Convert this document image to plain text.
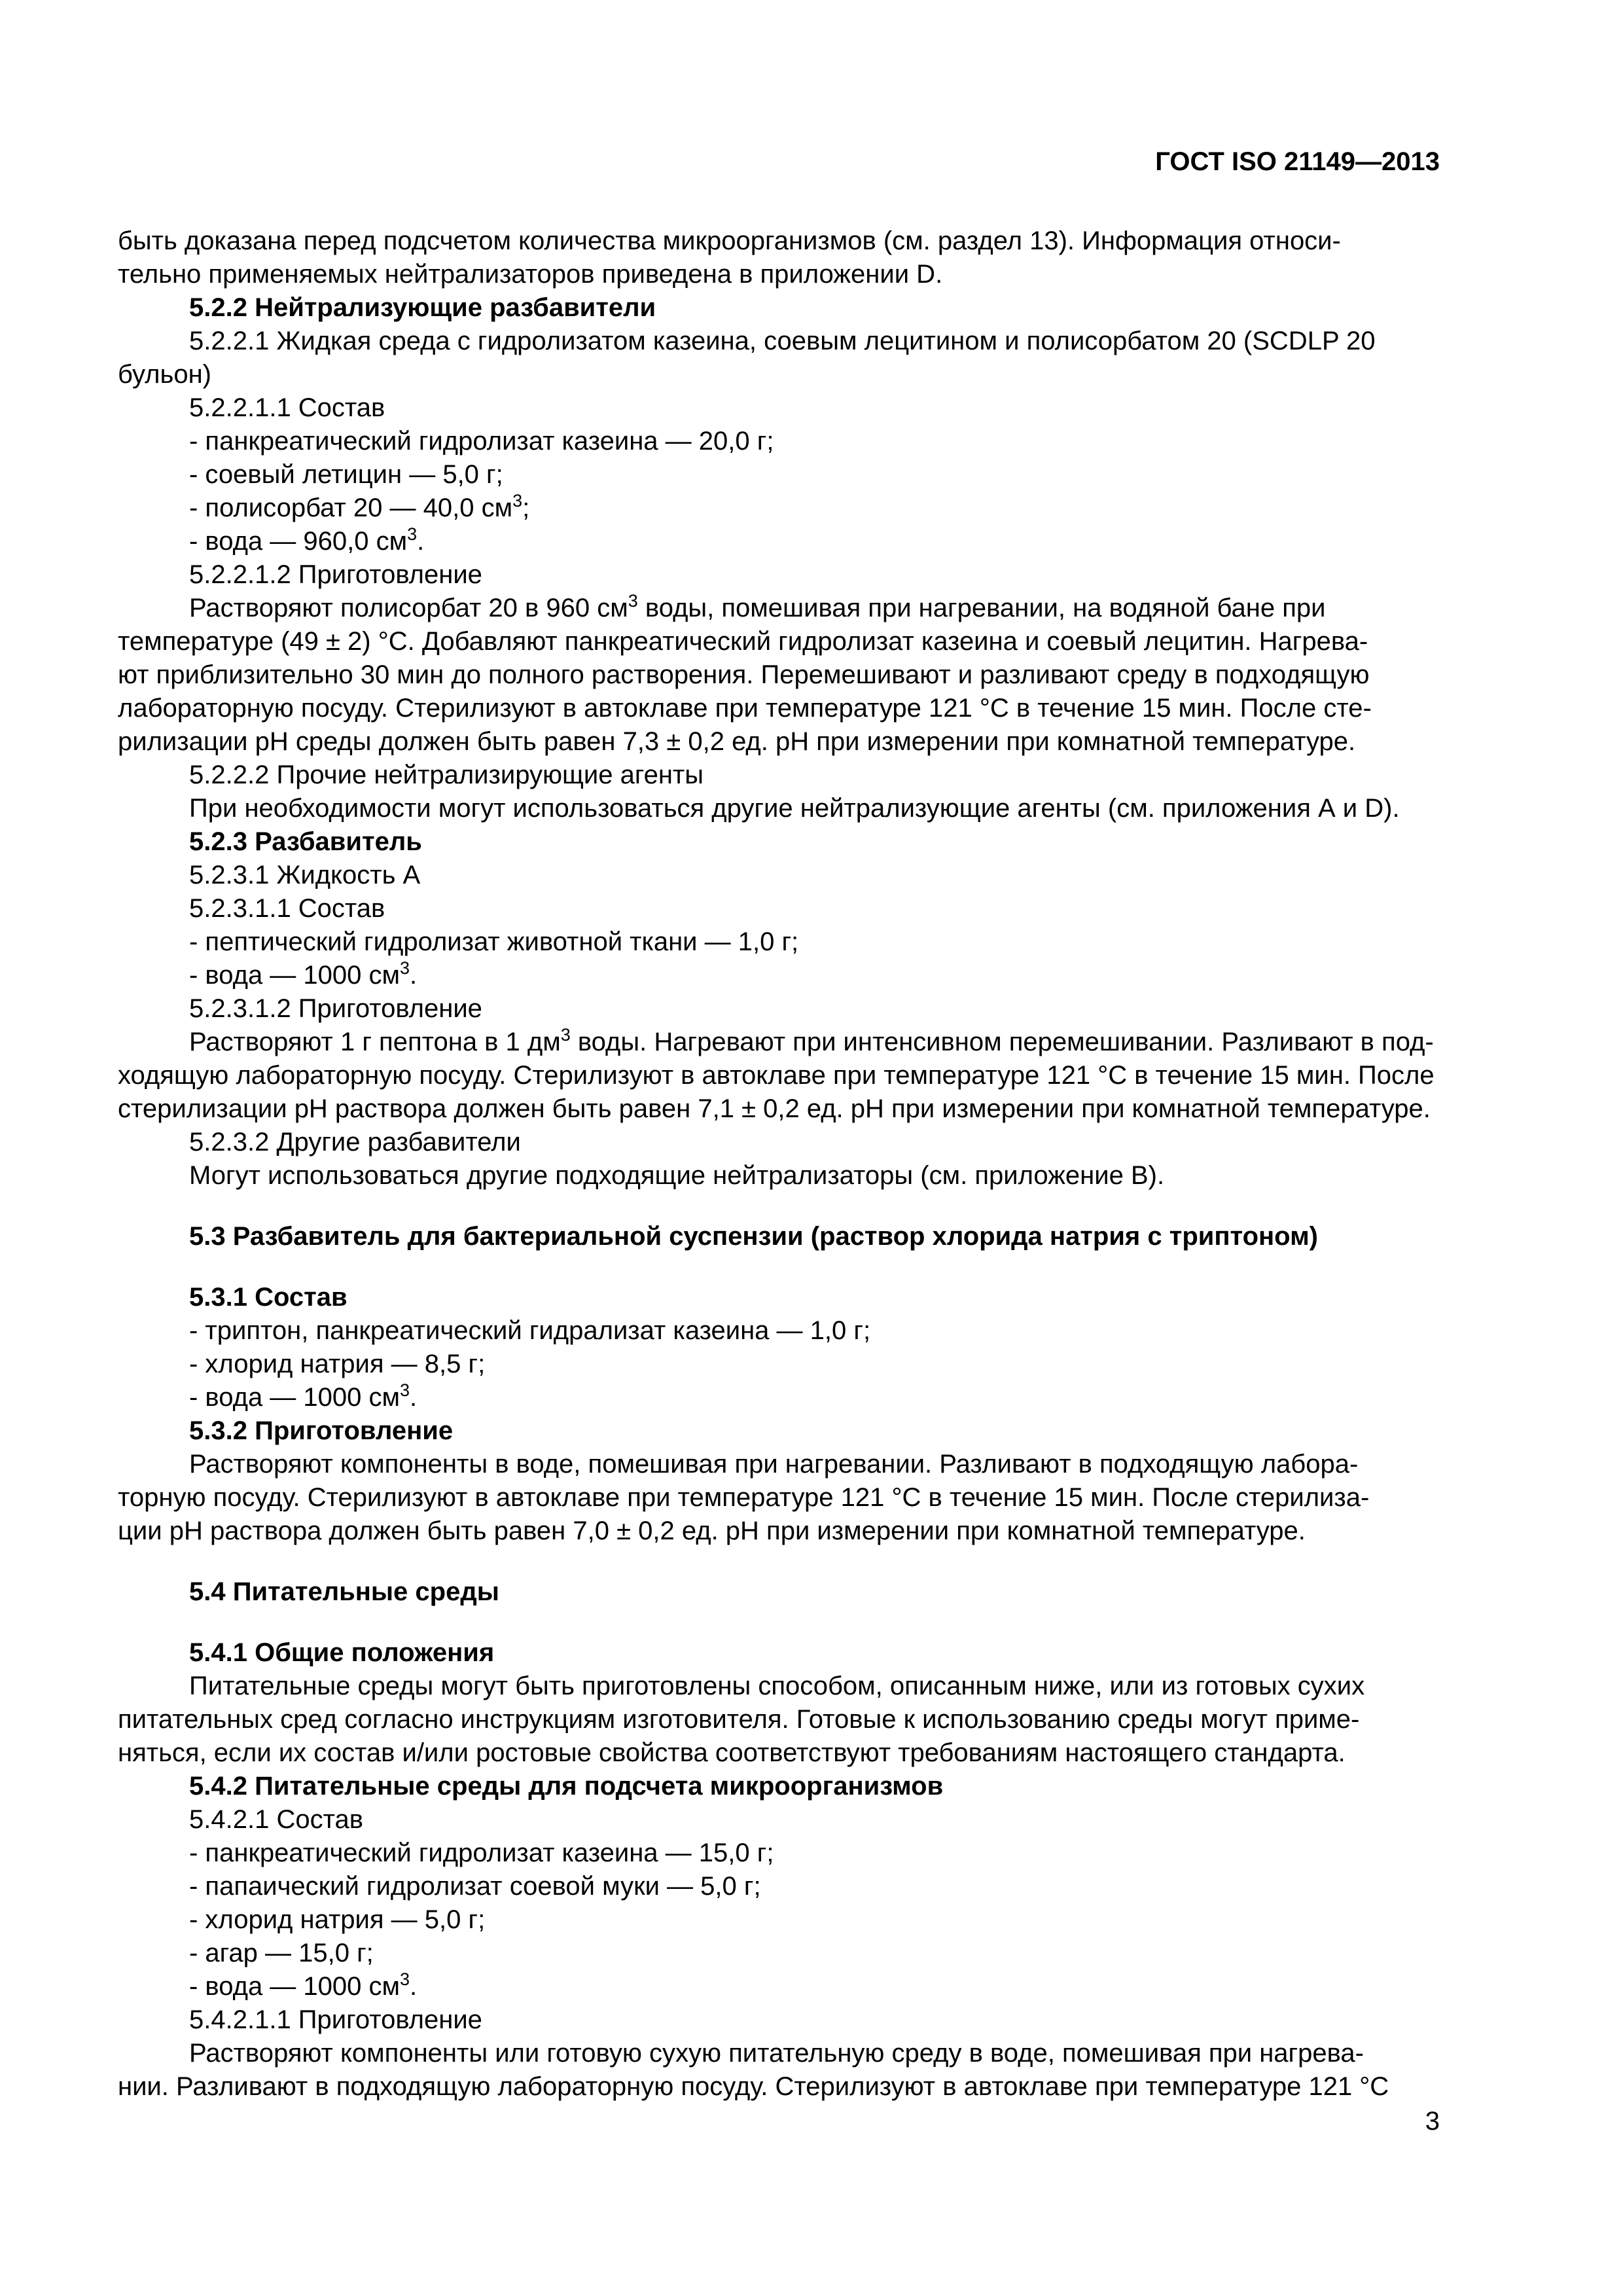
ГОСТ ISO 21149—2013

быть доказана перед подсчетом количества микроорганизмов (см. раздел 13). Информация относи-

тельно применяемых нейтрализаторов приведена в приложении D.

5.2.2 Нейтрализующие разбавители

5.2.2.1 Жидкая среда с гидролизатом казеина, соевым лецитином и полисорбатом 20 (SCDLP 20

бульон)

5.2.2.1.1 Состав

- панкреатический гидролизат казеина — 20,0 г;

- соевый летицин — 5,0 г;

- полисорбат 20 — 40,0 $см^3$;

- вода — 960,0 $см^3$.

5.2.2.1.2 Приготовление

Растворяют полисорбат 20 в 960 $см^3$ воды, помешивая при нагревании, на водяной бане при

температуре (49 ± 2) °С. Добавляют панкреатический гидролизат казеина и соевый лецитин. Нагрева-

ют приблизительно 30 мин до полного растворения. Перемешивают и разливают среду в подходящую

лабораторную посуду. Стерилизуют в автоклаве при температуре 121 °С в течение 15 мин. После сте-

рилизации pH среды должен быть равен 7,3 ± 0,2 ед. pH при измерении при комнатной температуре.

5.2.2.2 Прочие нейтрализирующие агенты

При необходимости могут использоваться другие нейтрализующие агенты (см. приложения А и D).

5.2.3 Разбавитель

5.2.3.1 Жидкость А

5.2.3.1.1 Состав

- пептический гидролизат животной ткани — 1,0 г;

- вода — 1000 $см^3$.

5.2.3.1.2 Приготовление

Растворяют 1 г пептона в 1 $дм^3$ воды. Нагревают при интенсивном перемешивании. Разливают в под-

ходящую лабораторную посуду. Стерилизуют в автоклаве при температуре 121 °С в течение 15 мин. После

стерилизации pH раствора должен быть равен 7,1 ± 0,2 ед. pH при измерении при комнатной температуре.

5.2.3.2 Другие разбавители

Могут использоваться другие подходящие нейтрализаторы (см. приложение В).

5.3 Разбавитель для бактериальной суспензии (раствор хлорида натрия с триптоном)

5.3.1 Состав

- триптон, панкреатический гидрализат казеина — 1,0 г;

- хлорид натрия — 8,5 г;

- вода — 1000 $см^3$.

5.3.2 Приготовление

Растворяют компоненты в воде, помешивая при нагревании. Разливают в подходящую лабора-

торную посуду. Стерилизуют в автоклаве при температуре 121 °С в течение 15 мин. После стерилиза-

ции pH раствора должен быть равен 7,0 ± 0,2 ед. pH при измерении при комнатной температуре.

5.4 Питательные среды

5.4.1 Общие положения

Питательные среды могут быть приготовлены способом, описанным ниже, или из готовых сухих

питательных сред согласно инструкциям изготовителя. Готовые к использованию среды могут приме-

няться, если их состав и/или ростовые свойства соответствуют требованиям настоящего стандарта.

5.4.2 Питательные среды для подсчета микроорганизмов

5.4.2.1 Состав

- панкреатический гидролизат казеина — 15,0 г;

- папаический гидролизат соевой муки — 5,0 г;

- хлорид натрия — 5,0 г;

- агар — 15,0 г;

- вода — 1000 $см^3$.

5.4.2.1.1 Приготовление

Растворяют компоненты или готовую сухую питательную среду в воде, помешивая при нагрева-

нии. Разливают в подходящую лабораторную посуду. Стерилизуют в автоклаве при температуре 121 °С

3
